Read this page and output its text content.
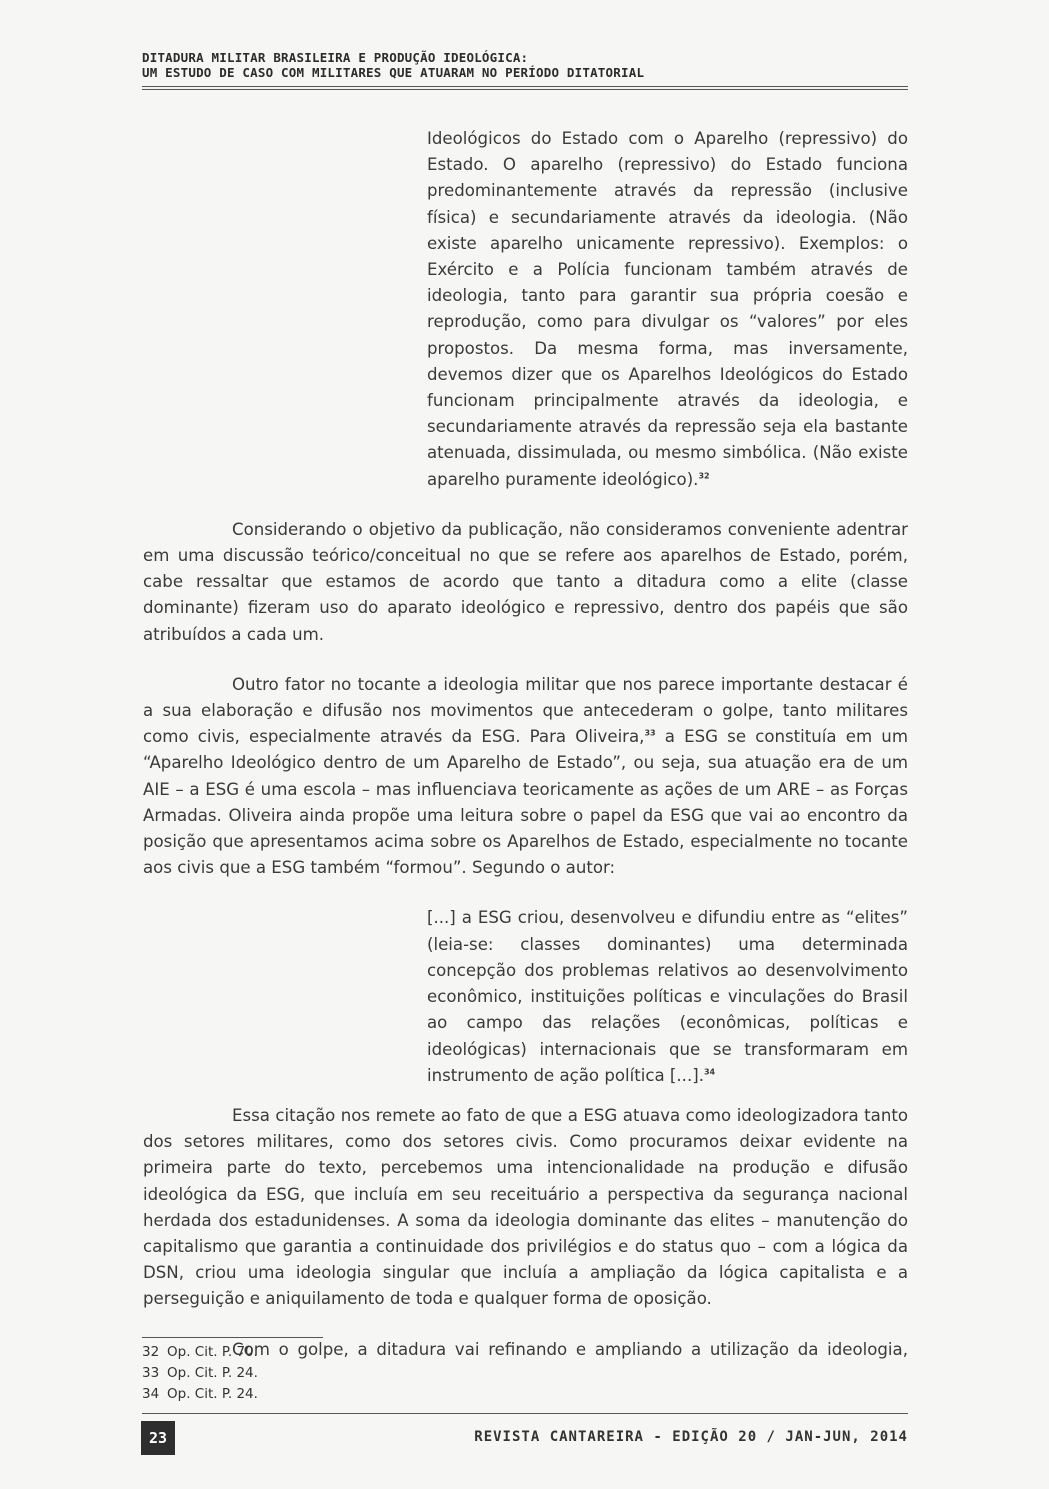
DITADURA MILITAR BRASILEIRA E PRODUÇÃO IDEOLÓGICA:
UM ESTUDO DE CASO COM MILITARES QUE ATUARAM NO PERÍODO DITATORIAL

Ideológicos do Estado com o Aparelho (repressivo) do Estado. O aparelho (repressivo) do Estado funciona predominantemente através da repressão (inclusive física) e secundariamente através da ideologia. (Não existe aparelho unicamente repressivo). Exemplos: o Exército e a Polícia funcionam também através de ideologia, tanto para garantir sua própria coesão e reprodução, como para divulgar os “valores” por eles propostos. Da mesma forma, mas inversamente, devemos dizer que os Aparelhos Ideológicos do Estado funcionam principalmente através da ideologia, e secundariamente através da repressão seja ela bastante atenuada, dissimulada, ou mesmo simbólica. (Não existe aparelho puramente ideológico).$^{32}$

Considerando o objetivo da publicação, não consideramos conveniente adentrar em uma discussão teórico/conceitual no que se refere aos aparelhos de Estado, porém, cabe ressaltar que estamos de acordo que tanto a ditadura como a elite (classe dominante) fizeram uso do aparato ideológico e repressivo, dentro dos papéis que são atribuídos a cada um.

Outro fator no tocante a ideologia militar que nos parece importante destacar é a sua elaboração e difusão nos movimentos que antecederam o golpe, tanto militares como civis, especialmente através da ESG. Para Oliveira,$^{33}$ a ESG se constituía em um “Aparelho Ideológico dentro de um Aparelho de Estado”, ou seja, sua atuação era de um AIE – a ESG é uma escola – mas influenciava teoricamente as ações de um ARE – as Forças Armadas. Oliveira ainda propõe uma leitura sobre o papel da ESG que vai ao encontro da posição que apresentamos acima sobre os Aparelhos de Estado, especialmente no tocante aos civis que a ESG também “formou”. Segundo o autor:

[...] a ESG criou, desenvolveu e difundiu entre as “elites” (leia-se: classes dominantes) uma determinada concepção dos problemas relativos ao desenvolvimento econômico, instituições políticas e vinculações do Brasil ao campo das relações (econômicas, políticas e ideológicas) internacionais que se transformaram em instrumento de ação política [...].$^{34}$

Essa citação nos remete ao fato de que a ESG atuava como ideologizadora tanto dos setores militares, como dos setores civis. Como procuramos deixar evidente na primeira parte do texto, percebemos uma intencionalidade na produção e difusão ideológica da ESG, que incluía em seu receituário a perspectiva da segurança nacional herdada dos estadunidenses. A soma da ideologia dominante das elites – manutenção do capitalismo que garantia a continuidade dos privilégios e do status quo – com a lógica da DSN, criou uma ideologia singular que incluía a ampliação da lógica capitalista e a perseguição e aniquilamento de toda e qualquer forma de oposição.

Com o golpe, a ditadura vai refinando e ampliando a utilização da ideologia,

32 Op. Cit. P. 70.
33 Op. Cit. P. 24.
34 Op. Cit. P. 24.
23	REVISTA CANTAREIRA - EDIÇÃO 20 / JAN-JUN, 2014
